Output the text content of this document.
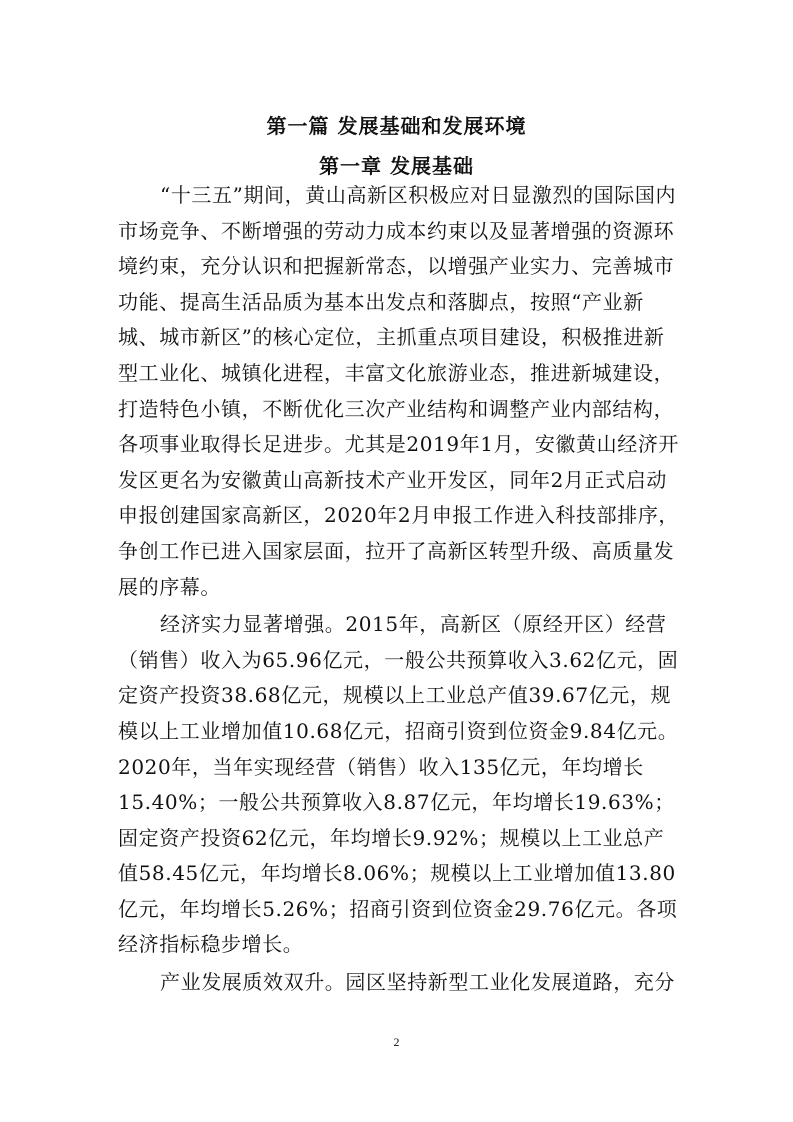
第一篇 发展基础和发展环境
第一章 发展基础

“十三五”期间，黄山高新区积极应对日显激烈的国际国内市场竞争、不断增强的劳动力成本约束以及显著增强的资源环境约束，充分认识和把握新常态，以增强产业实力、完善城市功能、提高生活品质为基本出发点和落脚点，按照“产业新城、城市新区”的核心定位，主抓重点项目建设，积极推进新型工业化、城镇化进程，丰富文化旅游业态，推进新城建设，打造特色小镇，不断优化三次产业结构和调整产业内部结构，各项事业取得长足进步。尤其是2019年1月，安徽黄山经济开发区更名为安徽黄山高新技术产业开发区，同年2月正式启动申报创建国家高新区，2020年2月申报工作进入科技部排序，争创工作已进入国家层面，拉开了高新区转型升级、高质量发展的序幕。

经济实力显著增强。2015年，高新区（原经开区）经营（销售）收入为65.96亿元，一般公共预算收入3.62亿元，固定资产投资38.68亿元，规模以上工业总产值39.67亿元，规模以上工业增加值10.68亿元，招商引资到位资金9.84亿元。2020年，当年实现经营（销售）收入135亿元，年均增长15.40%；一般公共预算收入8.87亿元，年均增长19.63%；固定资产投资62亿元，年均增长9.92%；规模以上工业总产值58.45亿元，年均增长8.06%；规模以上工业增加值13.80亿元，年均增长5.26%；招商引资到位资金29.76亿元。各项经济指标稳步增长。

产业发展质效双升。园区坚持新型工业化发展道路，充分

2
